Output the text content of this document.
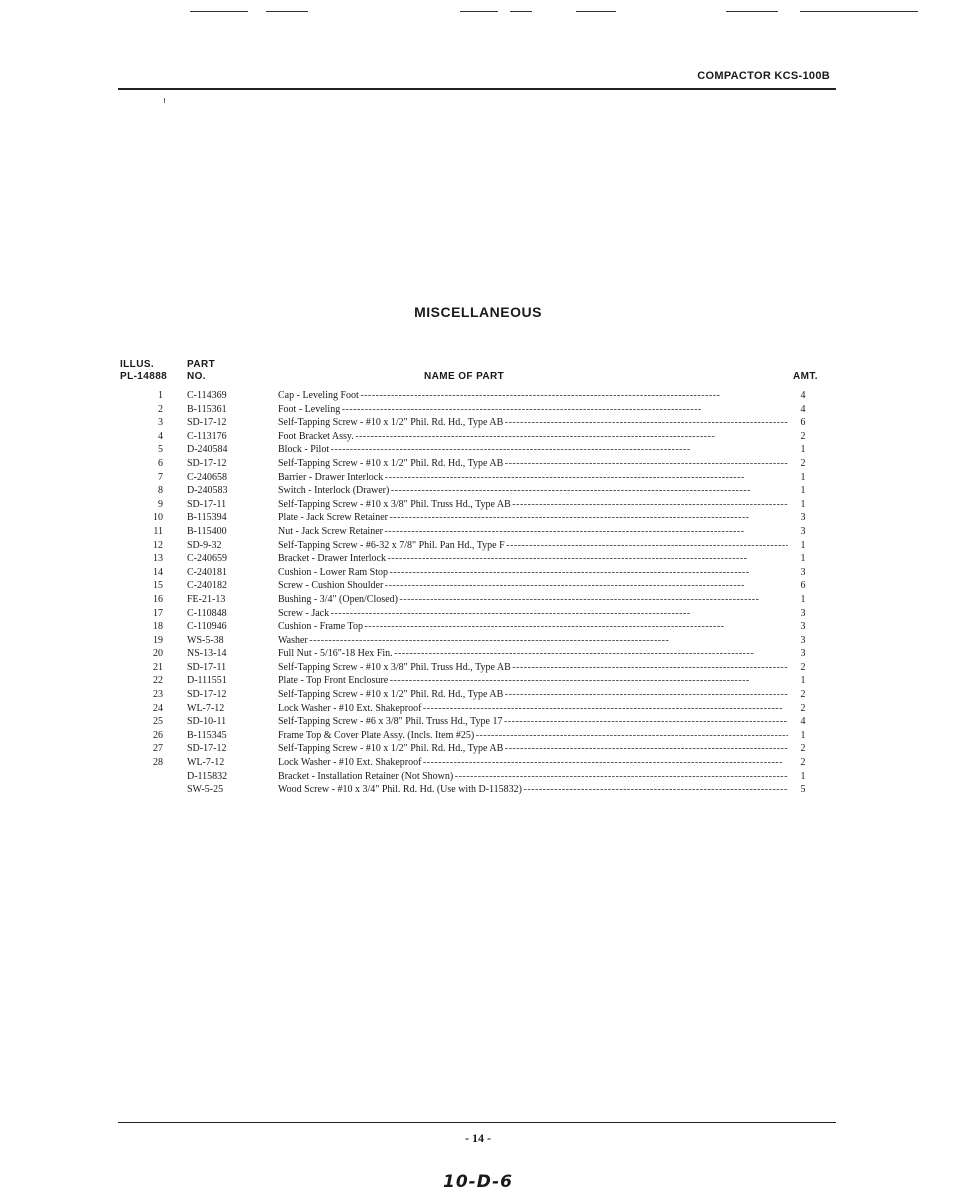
COMPACTOR KCS-100B
MISCELLANEOUS
ILLUS.
PL-14888
PART
NO.	NAME OF PART	AMT.
1 C-114369	Cap - Leveling Foot - - -	4
2 B-115361	Foot - Leveling - - -	4
3 SD-17-12	Self-Tapping Screw - #10 x 1/2" Phil. Rd. Hd., Type AB - - -	6
4 C-113176	Foot Bracket Assy. - - -	2
5 D-240584	Block - Pilot - - -	1
6 SD-17-12	Self-Tapping Screw - #10 x 1/2" Phil. Rd. Hd., Type AB - - -	2
7 C-240658	Barrier - Drawer Interlock - - -	1
8 D-240583	Switch - Interlock (Drawer) - - -	1
9 SD-17-11	Self-Tapping Screw - #10 x 3/8" Phil. Truss Hd., Type AB - - -	1
10 B-115394	Plate - Jack Screw Retainer - - -	3
11 B-115400	Nut - Jack Screw Retainer - - -	3
12 SD-9-32	Self-Tapping Screw - #6-32 x 7/8" Phil. Pan Hd., Type F - - -	1
13 C-240659	Bracket - Drawer Interlock - - -	1
14 C-240181	Cushion - Lower Ram Stop - - -	3
15 C-240182	Screw - Cushion Shoulder - - -	6
16 FE-21-13	Bushing - 3/4" (Open/Closed) - - -	1
17 C-110848	Screw - Jack - - -	3
18 C-110946	Cushion - Frame Top - - -	3
19 WS-5-38	Washer - - -	3
20 NS-13-14	Full Nut - 5/16"-18 Hex Fin. - - -	3
21 SD-17-11	Self-Tapping Screw - #10 x 3/8" Phil. Truss Hd., Type AB - - -	2
22 D-111551	Plate - Top Front Enclosure - - -	1
23 SD-17-12	Self-Tapping Screw - #10 x 1/2" Phil. Rd. Hd., Type AB - - -	2
24 WL-7-12	Lock Washer - #10 Ext. Shakeproof - - -	2
25 SD-10-11	Self-Tapping Screw - #6 x 3/8" Phil. Truss Hd., Type 17 - - -	4
26 B-115345	Frame Top & Cover Plate Assy. (Incls. Item #25) - - -	1
27 SD-17-12	Self-Tapping Screw - #10 x 1/2" Phil. Rd. Hd., Type AB - - -	2
28 WL-7-12	Lock Washer - #10 Ext. Shakeproof - - -	2
D-115832	Bracket - Installation Retainer (Not Shown) - - -	1
SW-5-25	Wood Screw - #10 x 3/4" Phil. Rd. Hd. (Use with D-115832) - - -	5
- 14 -
10-D-6
